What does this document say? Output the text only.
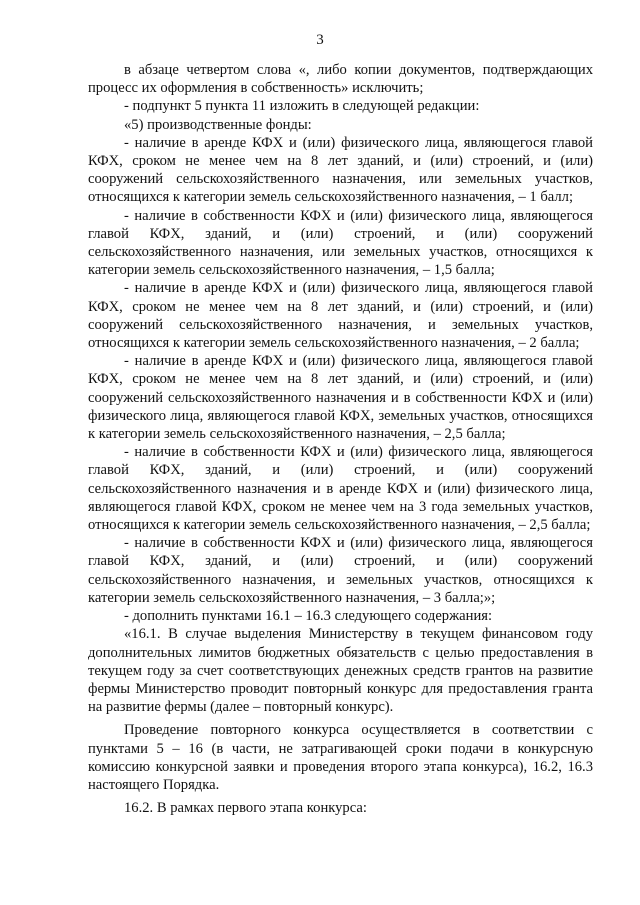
3

в абзаце четвертом слова «, либо копии документов, подтверждающих процесс их оформления в собственность» исключить;

- подпункт 5 пункта 11 изложить в следующей редакции:

«5) производственные фонды:

- наличие в аренде КФХ и (или) физического лица, являющегося главой КФХ, сроком не менее чем на 8 лет зданий, и (или) строений, и (или) сооружений сельскохозяйственного назначения, или земельных участков, относящихся к категории земель сельскохозяйственного назначения, – 1 балл;

- наличие в собственности КФХ и (или) физического лица, являющегося главой КФХ, зданий, и (или) строений, и (или) сооружений сельскохозяйственного назначения, или земельных участков, относящихся к категории земель сельскохозяйственного назначения, – 1,5 балла;

- наличие в аренде КФХ и (или) физического лица, являющегося главой КФХ, сроком не менее чем на 8 лет зданий, и (или) строений, и (или) сооружений сельскохозяйственного назначения, и земельных участков, относящихся к категории земель сельскохозяйственного назначения, – 2 балла;

- наличие в аренде КФХ и (или) физического лица, являющегося главой КФХ, сроком не менее чем на 8 лет зданий, и (или) строений, и (или) сооружений сельскохозяйственного назначения и в собственности КФХ и (или) физического лица, являющегося главой КФХ, земельных участков, относящихся к категории земель сельскохозяйственного назначения, – 2,5 балла;

- наличие в собственности КФХ и (или) физического лица, являющегося главой КФХ, зданий, и (или) строений, и (или) сооружений сельскохозяйственного назначения и в аренде КФХ и (или) физического лица, являющегося главой КФХ, сроком не менее чем на 3 года земельных участков, относящихся к категории земель сельскохозяйственного назначения, – 2,5 балла;

- наличие в собственности КФХ и (или) физического лица, являющегося главой КФХ, зданий, и (или) строений, и (или) сооружений сельскохозяйственного назначения, и земельных участков, относящихся к категории земель сельскохозяйственного назначения, – 3 балла;»;

- дополнить пунктами 16.1 – 16.3 следующего содержания:

«16.1. В случае выделения Министерству в текущем финансовом году дополнительных лимитов бюджетных обязательств с целью предоставления в текущем году за счет соответствующих денежных средств грантов на развитие фермы Министерство проводит повторный конкурс для предоставления гранта на развитие фермы (далее – повторный конкурс).

Проведение повторного конкурса осуществляется в соответствии с пунктами 5 – 16 (в части, не затрагивающей сроки подачи в конкурсную комиссию конкурсной заявки и проведения второго этапа конкурса), 16.2, 16.3 настоящего Порядка.

16.2. В рамках первого этапа конкурса:
